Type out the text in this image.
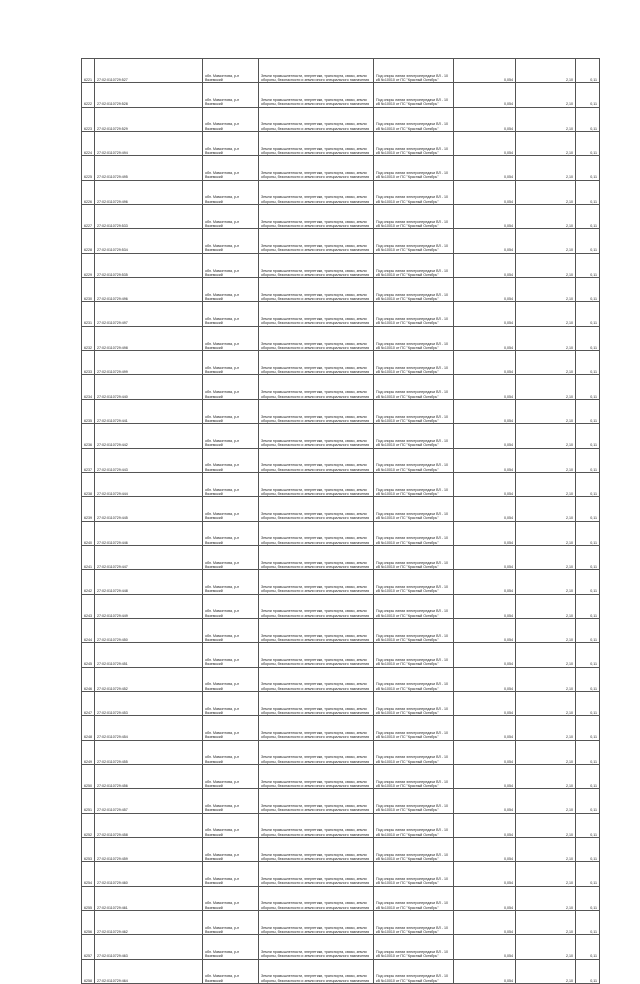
6221	27:02:0110729:527	обл. Мамонтова, р-н Вяземский	Земли промышленности, энергетики, транспорта, связи, земли обороны, безопасности и земли иного специального назначения	Под опоры линии электропередачи ВЛ - 10 кВ №10010 от ПС "Красный Октябрь"	0,054	2,10	0,11
6222	27:02:0110729:528	обл. Мамонтова, р-н Вяземский	Земли промышленности, энергетики, транспорта, связи, земли обороны, безопасности и земли иного специального назначения	Под опоры линии электропередачи ВЛ - 10 кВ №10010 от ПС "Красный Октябрь"	0,054	2,10	0,11
6223	27:02:0110729:529	обл. Мамонтова, р-н Вяземский	Земли промышленности, энергетики, транспорта, связи, земли обороны, безопасности и земли иного специального назначения	Под опоры линии электропередачи ВЛ - 10 кВ №10010 от ПС "Красный Октябрь"	0,054	2,10	0,11
6224	27:02:0110729:494	обл. Мамонтова, р-н Вяземский	Земли промышленности, энергетики, транспорта, связи, земли обороны, безопасности и земли иного специального назначения	Под опоры линии электропередачи ВЛ - 10 кВ №10010 от ПС "Красный Октябрь"	0,054	2,10	0,11
6225	27:02:0110729:495	обл. Мамонтова, р-н Вяземский	Земли промышленности, энергетики, транспорта, связи, земли обороны, безопасности и земли иного специального назначения	Под опоры линии электропередачи ВЛ - 10 кВ №10010 от ПС "Красный Октябрь"	0,054	2,10	0,11
6226	27:02:0110729:496	обл. Мамонтова, р-н Вяземский	Земли промышленности, энергетики, транспорта, связи, земли обороны, безопасности и земли иного специального назначения	Под опоры линии электропередачи ВЛ - 10 кВ №10010 от ПС "Красный Октябрь"	0,054	2,10	0,11
6227	27:02:0110729:533	обл. Мамонтова, р-н Вяземский	Земли промышленности, энергетики, транспорта, связи, земли обороны, безопасности и земли иного специального назначения	Под опоры линии электропередачи ВЛ - 10 кВ №10010 от ПС "Красный Октябрь"	0,054	2,10	0,11
6228	27:02:0110729:534	обл. Мамонтова, р-н Вяземский	Земли промышленности, энергетики, транспорта, связи, земли обороны, безопасности и земли иного специального назначения	Под опоры линии электропередачи ВЛ - 10 кВ №10010 от ПС "Красный Октябрь"	0,054	2,10	0,11
6229	27:02:0110729:535	обл. Мамонтова, р-н Вяземский	Земли промышленности, энергетики, транспорта, связи, земли обороны, безопасности и земли иного специального назначения	Под опоры линии электропередачи ВЛ - 10 кВ №10010 от ПС "Красный Октябрь"	0,054	2,10	0,11
6230	27:02:0110729:496	обл. Мамонтова, р-н Вяземский	Земли промышленности, энергетики, транспорта, связи, земли обороны, безопасности и земли иного специального назначения	Под опоры линии электропередачи ВЛ - 10 кВ №10010 от ПС "Красный Октябрь"	0,054	2,10	0,11
6231	27:02:0110729:497	обл. Мамонтова, р-н Вяземский	Земли промышленности, энергетики, транспорта, связи, земли обороны, безопасности и земли иного специального назначения	Под опоры линии электропередачи ВЛ - 10 кВ №10010 от ПС "Красный Октябрь"	0,054	2,10	0,11
6232	27:02:0110729:498	обл. Мамонтова, р-н Вяземский	Земли промышленности, энергетики, транспорта, связи, земли обороны, безопасности и земли иного специального назначения	Под опоры линии электропередачи ВЛ - 10 кВ №10010 от ПС "Красный Октябрь"	0,054	2,10	0,11
6233	27:02:0110729:499	обл. Мамонтова, р-н Вяземский	Земли промышленности, энергетики, транспорта, связи, земли обороны, безопасности и земли иного специального назначения	Под опоры линии электропередачи ВЛ - 10 кВ №10010 от ПС "Красный Октябрь"	0,054	2,10	0,11
6234	27:02:0110729:440	обл. Мамонтова, р-н Вяземский	Земли промышленности, энергетики, транспорта, связи, земли обороны, безопасности и земли иного специального назначения	Под опоры линии электропередачи ВЛ - 10 кВ №10010 от ПС "Красный Октябрь"	0,054	2,10	0,11
6235	27:02:0110729:441	обл. Мамонтова, р-н Вяземский	Земли промышленности, энергетики, транспорта, связи, земли обороны, безопасности и земли иного специального назначения	Под опоры линии электропередачи ВЛ - 10 кВ №10010 от ПС "Красный Октябрь"	0,054	2,10	0,11
6236	27:02:0110729:442	обл. Мамонтова, р-н Вяземский	Земли промышленности, энергетики, транспорта, связи, земли обороны, безопасности и земли иного специального назначения	Под опоры линии электропередачи ВЛ - 10 кВ №10010 от ПС "Красный Октябрь"	0,054	2,10	0,11
6237	27:02:0110729:443	обл. Мамонтова, р-н Вяземский	Земли промышленности, энергетики, транспорта, связи, земли обороны, безопасности и земли иного специального назначения	Под опоры линии электропередачи ВЛ - 10 кВ №10010 от ПС "Красный Октябрь"	0,054	2,10	0,11
6238	27:02:0110729:444	обл. Мамонтова, р-н Вяземский	Земли промышленности, энергетики, транспорта, связи, земли обороны, безопасности и земли иного специального назначения	Под опоры линии электропередачи ВЛ - 10 кВ №10010 от ПС "Красный Октябрь"	0,054	2,10	0,11
6239	27:02:0110729:445	обл. Мамонтова, р-н Вяземский	Земли промышленности, энергетики, транспорта, связи, земли обороны, безопасности и земли иного специального назначения	Под опоры линии электропередачи ВЛ - 10 кВ №10010 от ПС "Красный Октябрь"	0,054	2,10	0,11
6240	27:02:0110729:446	обл. Мамонтова, р-н Вяземский	Земли промышленности, энергетики, транспорта, связи, земли обороны, безопасности и земли иного специального назначения	Под опоры линии электропередачи ВЛ - 10 кВ №10010 от ПС "Красный Октябрь"	0,054	2,10	0,11
6241	27:02:0110729:447	обл. Мамонтова, р-н Вяземский	Земли промышленности, энергетики, транспорта, связи, земли обороны, безопасности и земли иного специального назначения	Под опоры линии электропередачи ВЛ - 10 кВ №10010 от ПС "Красный Октябрь"	0,054	2,10	0,11
6242	27:02:0110729:448	обл. Мамонтова, р-н Вяземский	Земли промышленности, энергетики, транспорта, связи, земли обороны, безопасности и земли иного специального назначения	Под опоры линии электропередачи ВЛ - 10 кВ №10010 от ПС "Красный Октябрь"	0,054	2,10	0,11
6243	27:02:0110729:449	обл. Мамонтова, р-н Вяземский	Земли промышленности, энергетики, транспорта, связи, земли обороны, безопасности и земли иного специального назначения	Под опоры линии электропередачи ВЛ - 10 кВ №10010 от ПС "Красный Октябрь"	0,054	2,10	0,11
6244	27:02:0110729:450	обл. Мамонтова, р-н Вяземский	Земли промышленности, энергетики, транспорта, связи, земли обороны, безопасности и земли иного специального назначения	Под опоры линии электропередачи ВЛ - 10 кВ №10010 от ПС "Красный Октябрь"	0,054	2,10	0,11
6245	27:02:0110729:451	обл. Мамонтова, р-н Вяземский	Земли промышленности, энергетики, транспорта, связи, земли обороны, безопасности и земли иного специального назначения	Под опоры линии электропередачи ВЛ - 10 кВ №10010 от ПС "Красный Октябрь"	0,054	2,10	0,11
6246	27:02:0110729:452	обл. Мамонтова, р-н Вяземский	Земли промышленности, энергетики, транспорта, связи, земли обороны, безопасности и земли иного специального назначения	Под опоры линии электропередачи ВЛ - 10 кВ №10010 от ПС "Красный Октябрь"	0,054	2,10	0,11
6247	27:02:0110729:453	обл. Мамонтова, р-н Вяземский	Земли промышленности, энергетики, транспорта, связи, земли обороны, безопасности и земли иного специального назначения	Под опоры линии электропередачи ВЛ - 10 кВ №10010 от ПС "Красный Октябрь"	0,054	2,10	0,11
6248	27:02:0110729:454	обл. Мамонтова, р-н Вяземский	Земли промышленности, энергетики, транспорта, связи, земли обороны, безопасности и земли иного специального назначения	Под опоры линии электропередачи ВЛ - 10 кВ №10010 от ПС "Красный Октябрь"	0,054	2,10	0,11
6249	27:02:0110729:455	обл. Мамонтова, р-н Вяземский	Земли промышленности, энергетики, транспорта, связи, земли обороны, безопасности и земли иного специального назначения	Под опоры линии электропередачи ВЛ - 10 кВ №10010 от ПС "Красный Октябрь"	0,054	2,10	0,11
6250	27:02:0110729:456	обл. Мамонтова, р-н Вяземский	Земли промышленности, энергетики, транспорта, связи, земли обороны, безопасности и земли иного специального назначения	Под опоры линии электропередачи ВЛ - 10 кВ №10010 от ПС "Красный Октябрь"	0,054	2,10	0,11
6251	27:02:0110729:457	обл. Мамонтова, р-н Вяземский	Земли промышленности, энергетики, транспорта, связи, земли обороны, безопасности и земли иного специального назначения	Под опоры линии электропередачи ВЛ - 10 кВ №10010 от ПС "Красный Октябрь"	0,054	2,10	0,11
6252	27:02:0110729:458	обл. Мамонтова, р-н Вяземский	Земли промышленности, энергетики, транспорта, связи, земли обороны, безопасности и земли иного специального назначения	Под опоры линии электропередачи ВЛ - 10 кВ №10010 от ПС "Красный Октябрь"	0,054	2,10	0,11
6253	27:02:0110729:459	обл. Мамонтова, р-н Вяземский	Земли промышленности, энергетики, транспорта, связи, земли обороны, безопасности и земли иного специального назначения	Под опоры линии электропередачи ВЛ - 10 кВ №10010 от ПС "Красный Октябрь"	0,054	2,10	0,11
6254	27:02:0110729:460	обл. Мамонтова, р-н Вяземский	Земли промышленности, энергетики, транспорта, связи, земли обороны, безопасности и земли иного специального назначения	Под опоры линии электропередачи ВЛ - 10 кВ №10010 от ПС "Красный Октябрь"	0,054	2,10	0,11
6255	27:02:0110729:461	обл. Мамонтова, р-н Вяземский	Земли промышленности, энергетики, транспорта, связи, земли обороны, безопасности и земли иного специального назначения	Под опоры линии электропередачи ВЛ - 10 кВ №10010 от ПС "Красный Октябрь"	0,054	2,10	0,11
6256	27:02:0110729:462	обл. Мамонтова, р-н Вяземский	Земли промышленности, энергетики, транспорта, связи, земли обороны, безопасности и земли иного специального назначения	Под опоры линии электропередачи ВЛ - 10 кВ №10010 от ПС "Красный Октябрь"	0,054	2,10	0,11
6257	27:02:0110729:463	обл. Мамонтова, р-н Вяземский	Земли промышленности, энергетики, транспорта, связи, земли обороны, безопасности и земли иного специального назначения	Под опоры линии электропередачи ВЛ - 10 кВ №10010 от ПС "Красный Октябрь"	0,054	2,10	0,11
6258	27:02:0110729:464	обл. Мамонтова, р-н Вяземский	Земли промышленности, энергетики, транспорта, связи, земли обороны, безопасности и земли иного специального назначения	Под опоры линии электропередачи ВЛ - 10 кВ №10010 от ПС "Красный Октябрь"	0,054	2,10	0,11
